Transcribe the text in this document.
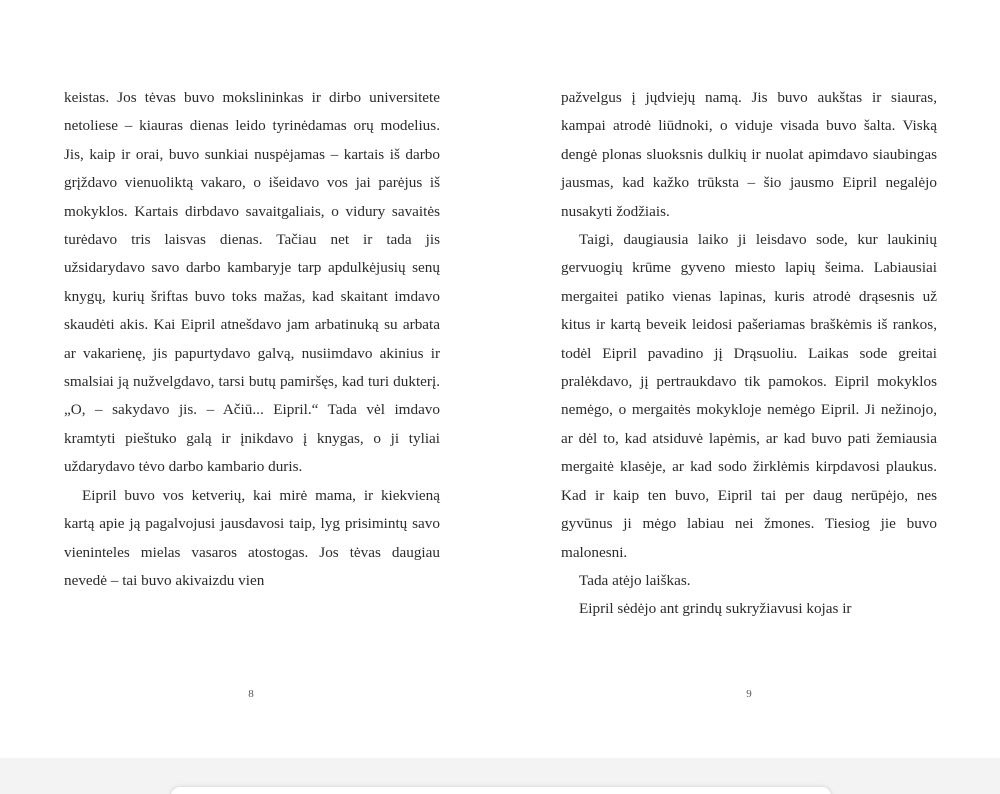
keistas. Jos tėvas buvo mokslininkas ir dirbo universitete netoliese – kiauras dienas leido tyrinėdamas orų modelius. Jis, kaip ir orai, buvo sunkiai nuspėjamas – kartais iš darbo grįždavo vienuoliktą vakaro, o išeidavo vos jai parėjus iš mokyklos. Kartais dirbdavo savaitgaliais, o vidury savaitės turėdavo tris laisvas dienas. Tačiau net ir tada jis užsidarydavo savo darbo kambaryje tarp apdulkėjusių senų knygų, kurių šriftas buvo toks mažas, kad skaitant imdavo skaudėti akis. Kai Eipril atnešdavo jam arbatinuką su arbata ar vakarienę, jis papurtydavo galvą, nusiimdavo akinius ir smalsiai ją nužvelgdavo, tarsi butų pamiršęs, kad turi dukterį. „O, – sakydavo jis. – Ačiū... Eipril.“ Tada vėl imdavo kramtyti pieštuko galą ir įnikdavo į knygas, o ji tyliai uždarydavo tėvo darbo kambario duris.

Eipril buvo vos ketverių, kai mirė mama, ir kiekvieną kartą apie ją pagalvojusi jausdavosi taip, lyg prisimintų savo vieninteles mielas vasaros atostogas. Jos tėvas daugiau nevedė – tai buvo akivaizdu vien

8

pažvelgus į jųdviejų namą. Jis buvo aukštas ir siauras, kampai atrodė liūdnoki, o viduje visada buvo šalta. Viską dengė plonas sluoksnis dulkių ir nuolat apimdavo siaubingas jausmas, kad kažko trūksta – šio jausmo Eipril negalėjo nusakyti žodžiais.

Taigi, daugiausia laiko ji leisdavo sode, kur laukinių gervuogių krūme gyveno miesto lapių šeima. Labiausiai mergaitei patiko vienas lapinas, kuris atrodė drąsesnis už kitus ir kartą beveik leidosi pašeriamas braškėmis iš rankos, todėl Eipril pavadino jį Drąsuoliu. Laikas sode greitai pralėkdavo, jį pertraukdavo tik pamokos. Eipril mokyklos nemėgo, o mergaitės mokykloje nemėgo Eipril. Ji nežinojo, ar dėl to, kad atsiduvė lapėmis, ar kad buvo pati žemiausia mergaitė klasėje, ar kad sodo žirklėmis kirpdavosi plaukus. Kad ir kaip ten buvo, Eipril tai per daug nerūpėjo, nes gyvūnus ji mėgo labiau nei žmones. Tiesiog jie buvo malonesni.

Tada atėjo laiškas.

Eipril sėdėjo ant grindų sukryžiavusi kojas ir

9
